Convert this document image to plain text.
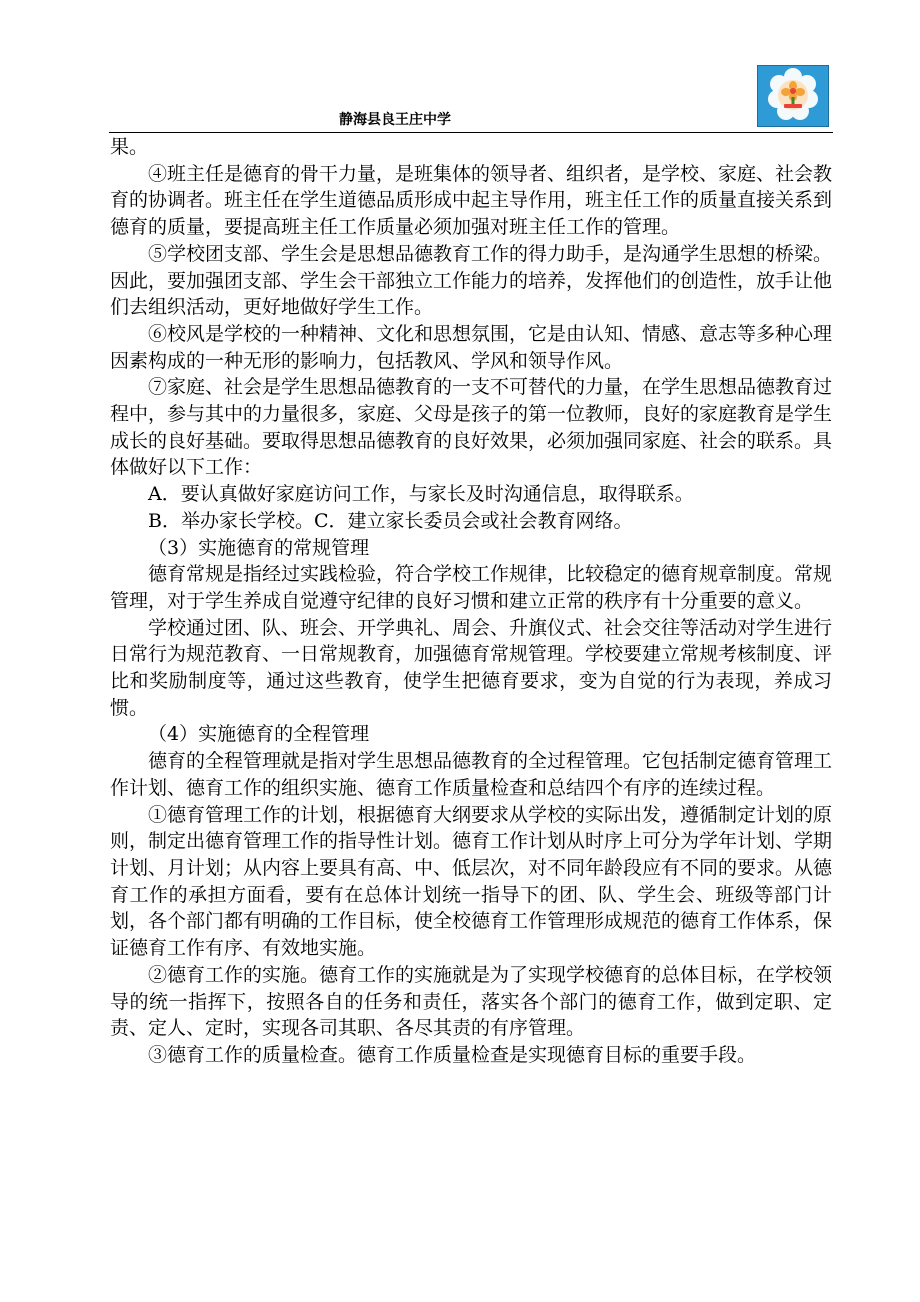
静海县良王庄中学

果。

④班主任是德育的骨干力量，是班集体的领导者、组织者，是学校、家庭、社会教育的协调者。班主任在学生道德品质形成中起主导作用，班主任工作的质量直接关系到德育的质量，要提高班主任工作质量必须加强对班主任工作的管理。

⑤学校团支部、学生会是思想品德教育工作的得力助手，是沟通学生思想的桥梁。因此，要加强团支部、学生会干部独立工作能力的培养，发挥他们的创造性，放手让他们去组织活动，更好地做好学生工作。

⑥校风是学校的一种精神、文化和思想氛围，它是由认知、情感、意志等多种心理因素构成的一种无形的影响力，包括教风、学风和领导作风。

⑦家庭、社会是学生思想品德教育的一支不可替代的力量，在学生思想品德教育过程中，参与其中的力量很多，家庭、父母是孩子的第一位教师，良好的家庭教育是学生成长的良好基础。要取得思想品德教育的良好效果，必须加强同家庭、社会的联系。具体做好以下工作：

A．要认真做好家庭访问工作，与家长及时沟通信息，取得联系。

B．举办家长学校。C．建立家长委员会或社会教育网络。

（3）实施德育的常规管理

德育常规是指经过实践检验，符合学校工作规律，比较稳定的德育规章制度。常规管理，对于学生养成自觉遵守纪律的良好习惯和建立正常的秩序有十分重要的意义。

学校通过团、队、班会、开学典礼、周会、升旗仪式、社会交往等活动对学生进行日常行为规范教育、一日常规教育，加强德育常规管理。学校要建立常规考核制度、评比和奖励制度等，通过这些教育，使学生把德育要求，变为自觉的行为表现，养成习惯。

（4）实施德育的全程管理

德育的全程管理就是指对学生思想品德教育的全过程管理。它包括制定德育管理工作计划、德育工作的组织实施、德育工作质量检查和总结四个有序的连续过程。

①德育管理工作的计划，根据德育大纲要求从学校的实际出发，遵循制定计划的原则，制定出德育管理工作的指导性计划。德育工作计划从时序上可分为学年计划、学期计划、月计划；从内容上要具有高、中、低层次，对不同年龄段应有不同的要求。从德育工作的承担方面看，要有在总体计划统一指导下的团、队、学生会、班级等部门计划，各个部门都有明确的工作目标，使全校德育工作管理形成规范的德育工作体系，保证德育工作有序、有效地实施。

②德育工作的实施。德育工作的实施就是为了实现学校德育的总体目标，在学校领导的统一指挥下，按照各自的任务和责任，落实各个部门的德育工作，做到定职、定责、定人、定时，实现各司其职、各尽其责的有序管理。

③德育工作的质量检查。德育工作质量检查是实现德育目标的重要手段。
